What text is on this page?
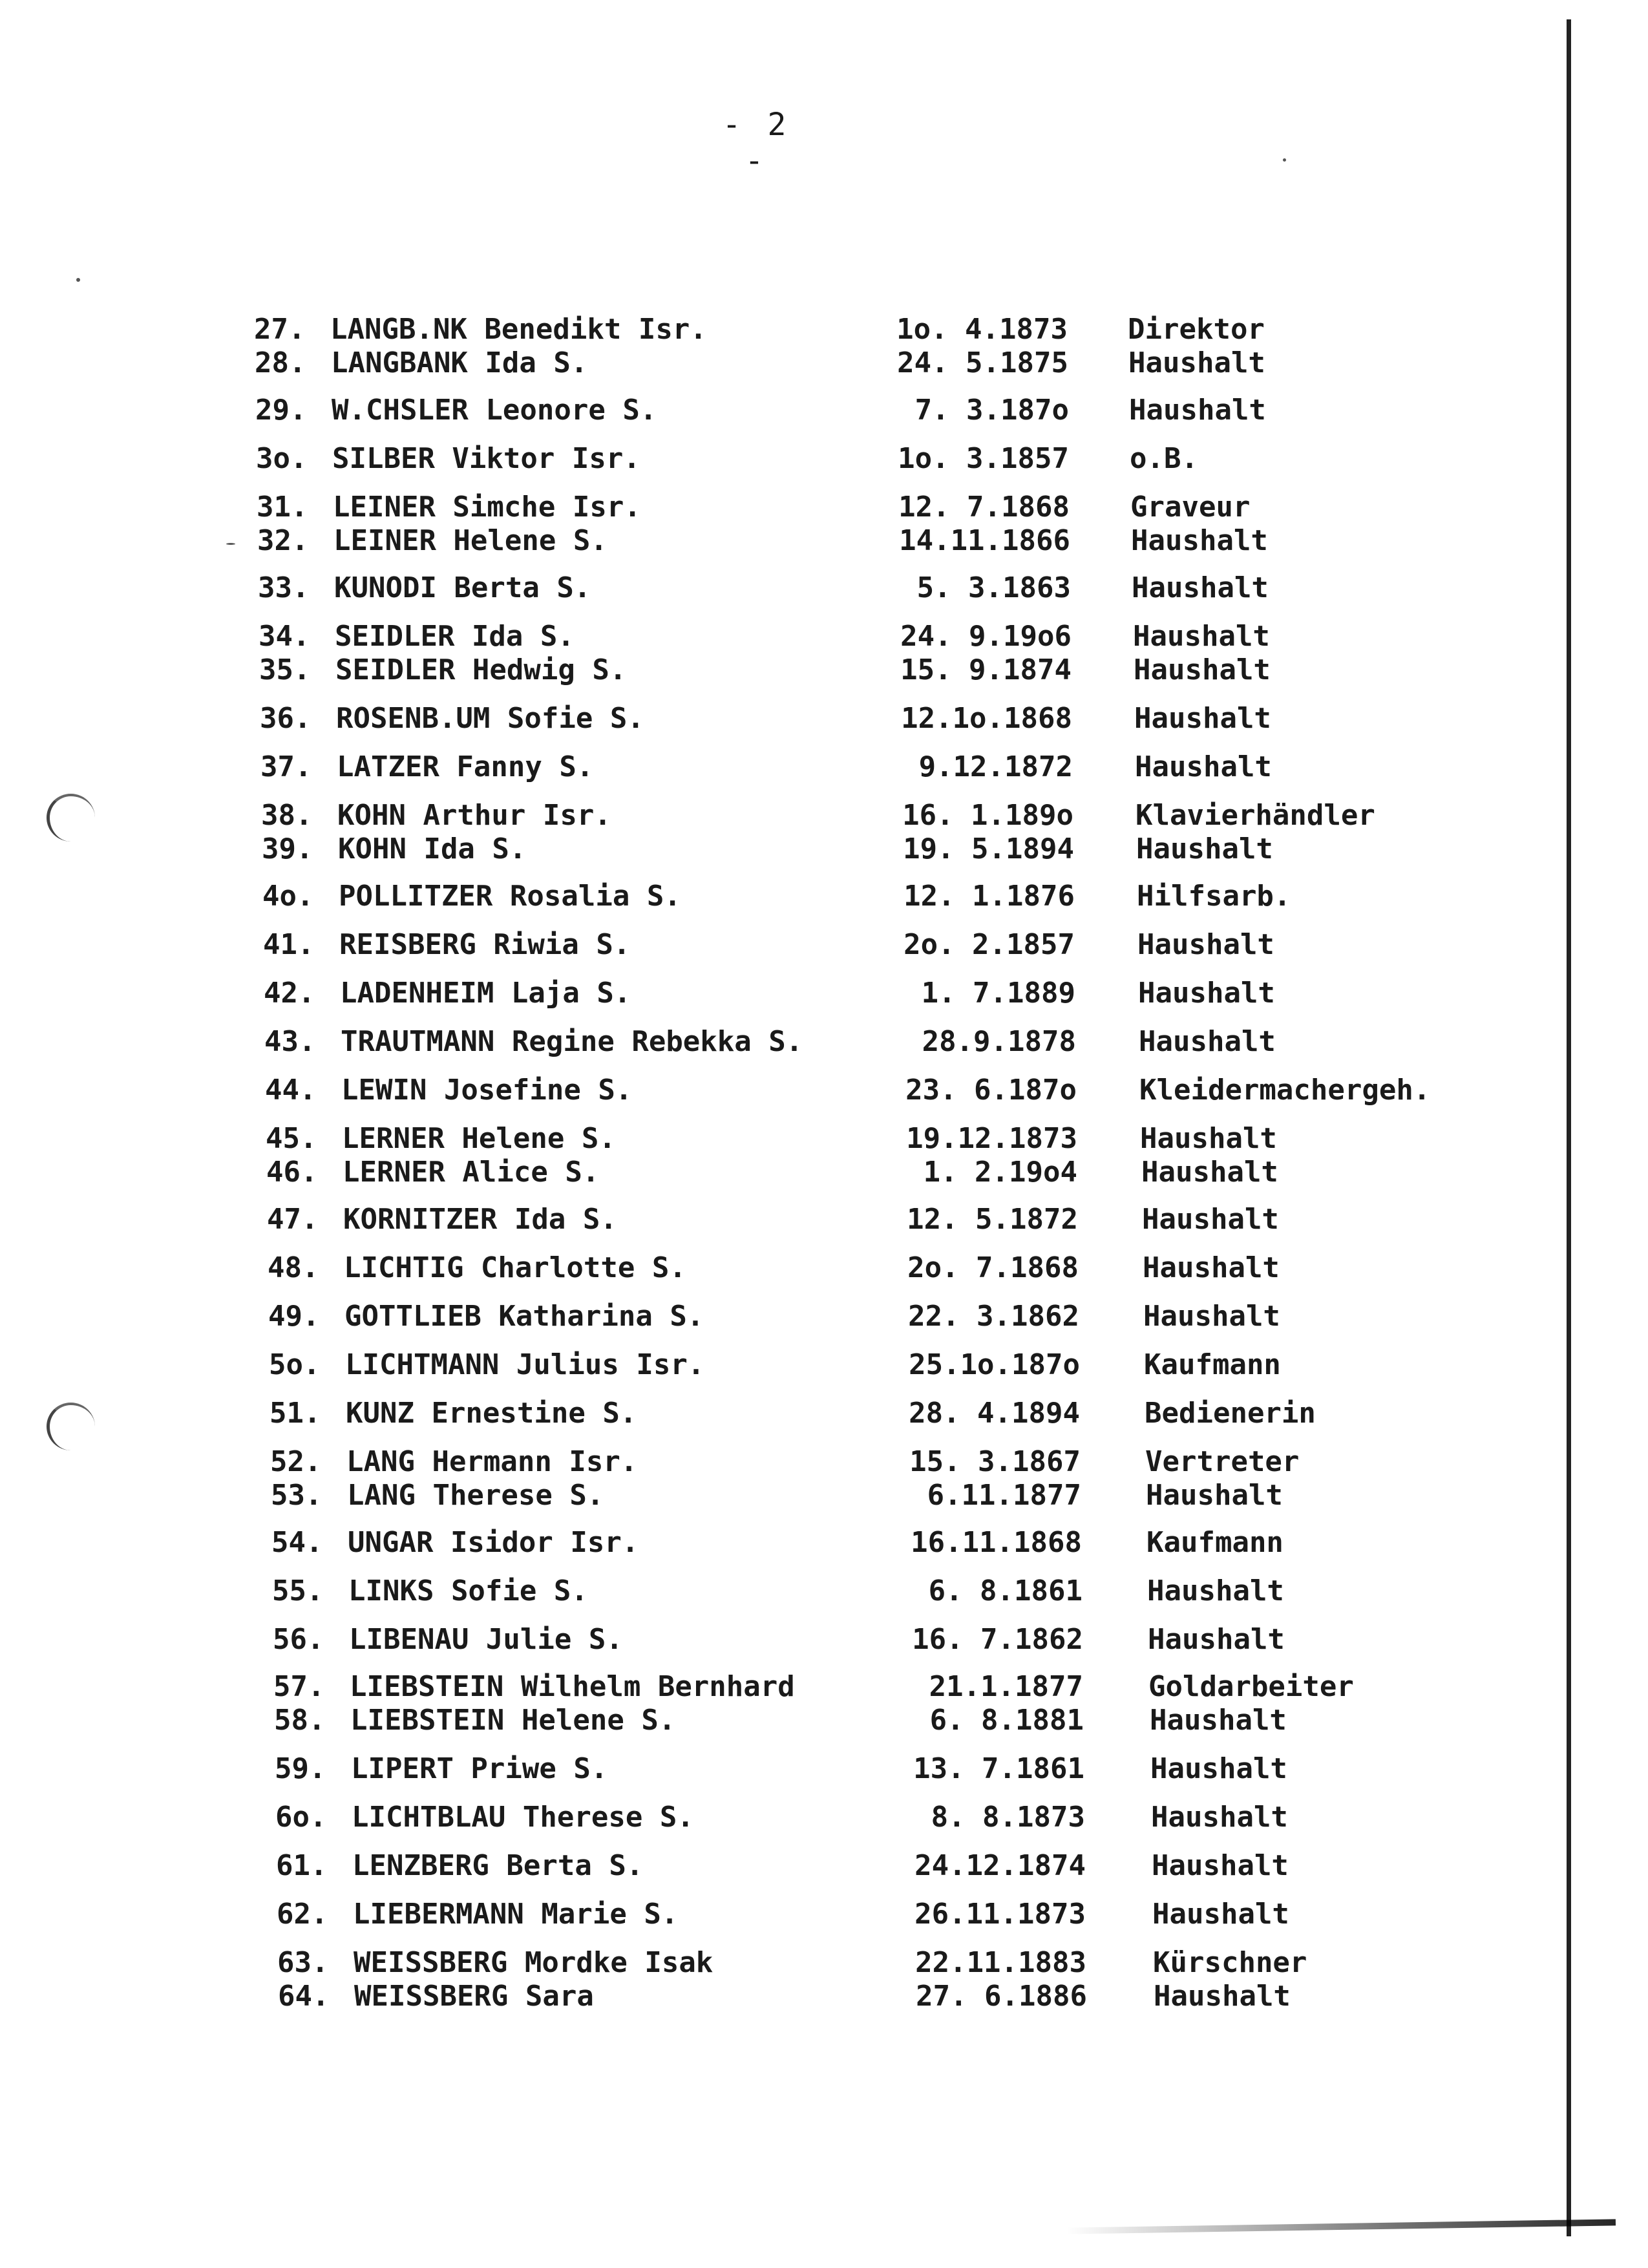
- 2 -
27. LANGB.NK Benedikt Isr.	1o. 4.1873 Direktor
28. LANGBANK Ida S.	24. 5.1875 Haushalt
29. W.CHSLER Leonore S.	7. 3.187o Haushalt
3o. SILBER Viktor Isr.	1o. 3.1857 o.B.
31. LEINER Simche Isr.	12. 7.1868 Graveur
32. LEINER Helene S.	14.11.1866 Haushalt
33. KUNODI Berta S.	5. 3.1863 Haushalt
34. SEIDLER Ida S.	24. 9.19o6 Haushalt
35. SEIDLER Hedwig S.	15. 9.1874 Haushalt
36. ROSENB.UM Sofie S.	12.1o.1868 Haushalt
37. LATZER Fanny S.	9.12.1872 Haushalt
38. KOHN Arthur Isr.	16. 1.189o Klavierhändler
39. KOHN Ida S.	19. 5.1894 Haushalt
4o. POLLITZER Rosalia S.	12. 1.1876 Hilfsarb.
41. REISBERG Riwia S.	2o. 2.1857 Haushalt
42. LADENHEIM Laja S.	1. 7.1889 Haushalt
43. TRAUTMANN Regine Rebekka S.	28.9.1878 Haushalt
44. LEWIN Josefine S.	23. 6.187o Kleidermachergeh.
45. LERNER Helene S.	19.12.1873 Haushalt
46. LERNER Alice S.	1. 2.19o4 Haushalt
47. KORNITZER Ida S.	12. 5.1872 Haushalt
48. LICHTIG Charlotte S.	2o. 7.1868 Haushalt
49. GOTTLIEB Katharina S.	22. 3.1862 Haushalt
5o. LICHTMANN Julius Isr.	25.1o.187o Kaufmann
51. KUNZ Ernestine S.	28. 4.1894 Bedienerin
52. LANG Hermann Isr.	15. 3.1867 Vertreter
53. LANG Therese S.	6.11.1877 Haushalt
54. UNGAR Isidor Isr.	16.11.1868 Kaufmann
55. LINKS Sofie S.	6. 8.1861 Haushalt
56. LIBENAU Julie S.	16. 7.1862 Haushalt
57. LIEBSTEIN Wilhelm Bernhard	21.1.1877 Goldarbeiter
58. LIEBSTEIN Helene S.	6. 8.1881 Haushalt
59. LIPERT Priwe S.	13. 7.1861 Haushalt
6o. LICHTBLAU Therese S.	8. 8.1873 Haushalt
61. LENZBERG Berta S.	24.12.1874 Haushalt
62. LIEBERMANN Marie S.	26.11.1873 Haushalt
63. WEISSBERG Mordke Isak	22.11.1883 Kürschner
64. WEISSBERG Sara	27. 6.1886 Haushalt
